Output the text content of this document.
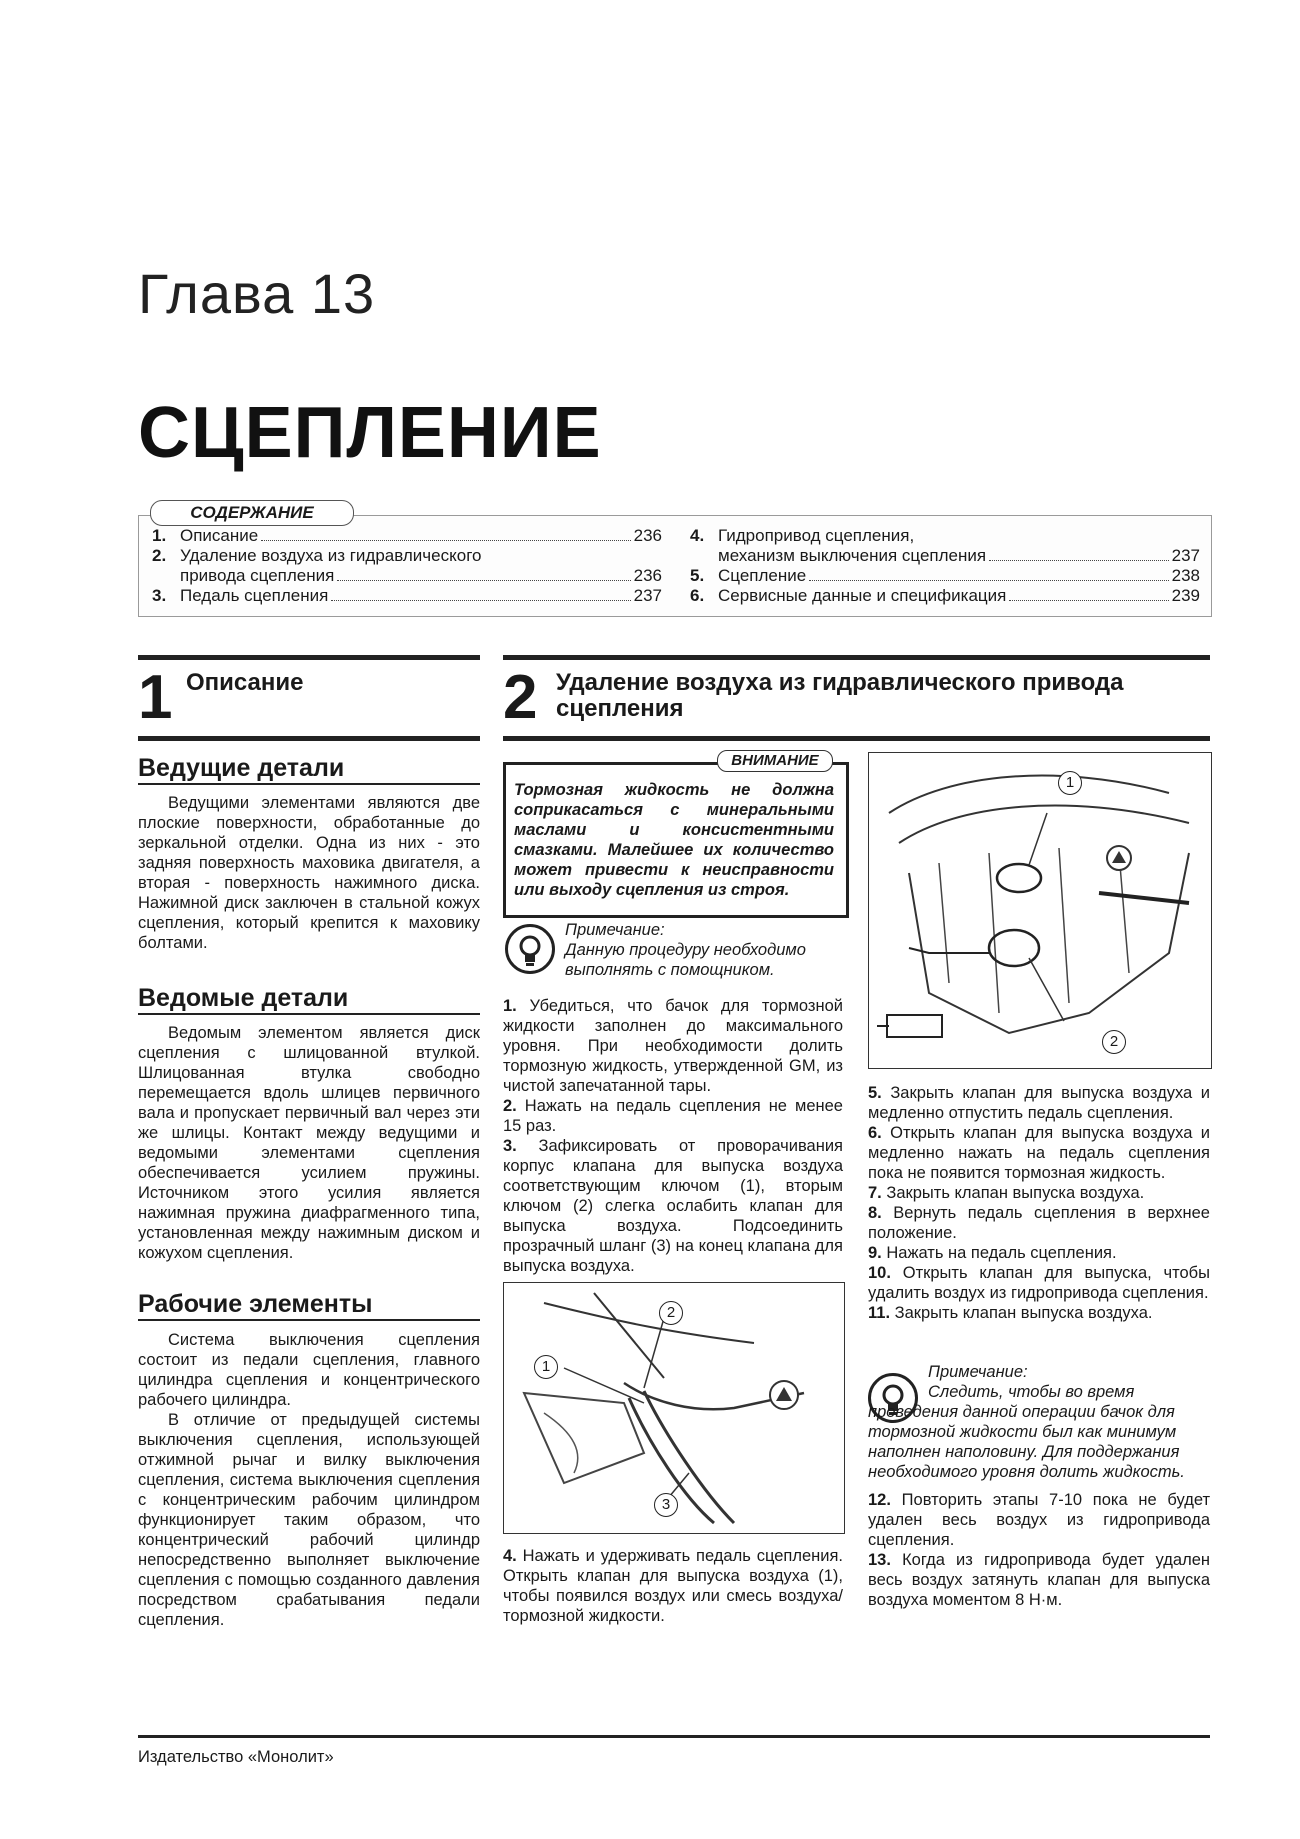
Глава 13
СЦЕПЛЕНИЕ
СОДЕРЖАНИЕ
1. Описание	236
2. Удаление воздуха из гидравлического
привода сцепления	236
3. Педаль сцепления	237
4. Гидропривод сцепления,
механизм выключения сцепления	237
5. Сцепление	238
6. Сервисные данные и спецификация	239
1 Описание
Ведущие детали

Ведущими элементами являются две плоские поверхности, обработанные до зеркальной отделки. Одна из них - это задняя поверхность маховика двигателя, а вторая - поверхность нажимного диска. Нажимной диск заключен в стальной кожух сцепления, который крепится к маховику болтами.

Ведомые детали

Ведомым элементом является диск сцепления с шлицованной втулкой. Шлицованная втулка свободно перемещается вдоль шлицев первичного вала и пропускает первичный вал через эти же шлицы. Контакт между ведущими и ведомыми элементами сцепления обеспечивается усилием пружины. Источником этого усилия является нажимная пружина диафрагменного типа, установленная между нажимным диском и кожухом сцепления.

Рабочие элементы

Система выключения сцепления состоит из педали сцепления, главного цилиндра сцепления и концентрического рабочего цилиндра.

В отличие от предыдущей системы выключения сцепления, использующей отжимной рычаг и вилку выключения сцепления, система выключения сцепления с концентрическим рабочим цилиндром функционирует таким образом, что концентрический рабочий цилиндр непосредственно выполняет выключение сцепления с помощью созданного давления посредством срабатывания педали сцепления.

2 Удаление воздуха из гидравлического привода
сцепления
ВНИМАНИЕ
Тормозная жидкость не должна соприкасаться с минеральными маслами и консистентными смазками. Малейшее их количество может привести к неисправности или выходу сцепления из строя.
Примечание:
Данную процедуру необходимо выполнять с помощником.

1. Убедиться, что бачок для тормозной жидкости заполнен до максимального уровня. При необходимости долить тормозную жидкость, утвержденной GM, из чистой запечатанной тары.

2. Нажать на педаль сцепления не менее 15 раз.

3. Зафиксировать от проворачивания корпус клапана для выпуска воздуха соответствующим ключом (1), вторым ключом (2) слегка ослабить клапан для выпуска воздуха. Подсоединить прозрачный шланг (3) на конец клапана для выпуска воздуха.

2
1
3

4. Нажать и удерживать педаль сцепления. Открыть клапан для выпуска воздуха (1), чтобы появился воздух или смесь воздуха/тормозной жидкости.

1
2

5. Закрыть клапан для выпуска воздуха и медленно отпустить педаль сцепления.

6. Открыть клапан для выпуска воздуха и медленно нажать на педаль сцепления пока не появится тормозная жидкость.

7. Закрыть клапан выпуска воздуха.

8. Вернуть педаль сцепления в верхнее положение.

9. Нажать на педаль сцепления.

10. Открыть клапан для выпуска, чтобы удалить воздух из гидропривода сцепления.

11. Закрыть клапан выпуска воздуха.

Примечание:
Следить, чтобы во время проведения данной операции бачок для тормозной жидкости был как минимум наполнен наполовину. Для поддержания необходимого уровня долить жидкость.

12. Повторить этапы 7-10 пока не будет удален весь воздух из гидропривода сцепления.

13. Когда из гидропривода будет удален весь воздух затянуть клапан для выпуска воздуха моментом 8 Н·м.

Издательство «Монолит»
